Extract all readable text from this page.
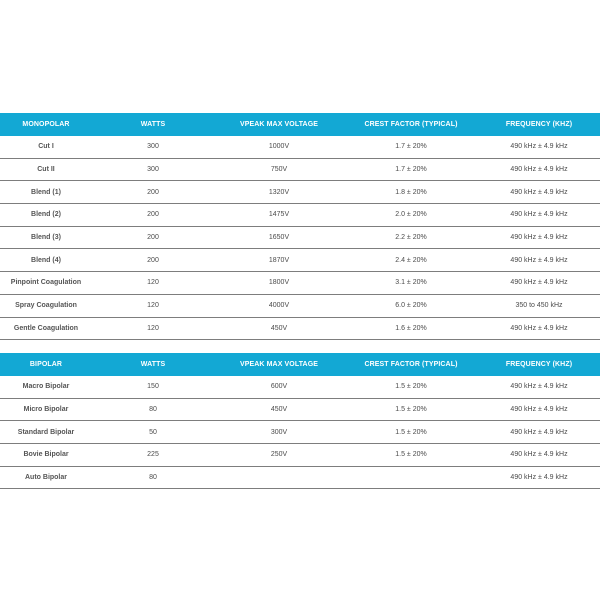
MONOPOLAR	WATTS	VPEAK MAX VOLTAGE	CREST FACTOR (TYPICAL)	FREQUENCY (KHZ)
Cut I	300	1000V	1.7 ± 20%	490 kHz ± 4.9 kHz
Cut II	300	750V	1.7 ± 20%	490 kHz ± 4.9 kHz
Blend (1)	200	1320V	1.8 ± 20%	490 kHz ± 4.9 kHz
Blend (2)	200	1475V	2.0 ± 20%	490 kHz ± 4.9 kHz
Blend (3)	200	1650V	2.2 ± 20%	490 kHz ± 4.9 kHz
Blend (4)	200	1870V	2.4 ± 20%	490 kHz ± 4.9 kHz
Pinpoint Coagulation	120	1800V	3.1 ± 20%	490 kHz ± 4.9 kHz
Spray Coagulation	120	4000V	6.0 ± 20%	350 to 450 kHz
Gentle Coagulation	120	450V	1.6 ± 20%	490 kHz ± 4.9 kHz
BIPOLAR	WATTS	VPEAK MAX VOLTAGE	CREST FACTOR (TYPICAL)	FREQUENCY (KHZ)
Macro Bipolar	150	600V	1.5 ± 20%	490 kHz ± 4.9 kHz
Micro Bipolar	80	450V	1.5 ± 20%	490 kHz ± 4.9 kHz
Standard Bipolar	50	300V	1.5 ± 20%	490 kHz ± 4.9 kHz
Bovie Bipolar	225	250V	1.5 ± 20%	490 kHz ± 4.9 kHz
Auto Bipolar	80			490 kHz ± 4.9 kHz
